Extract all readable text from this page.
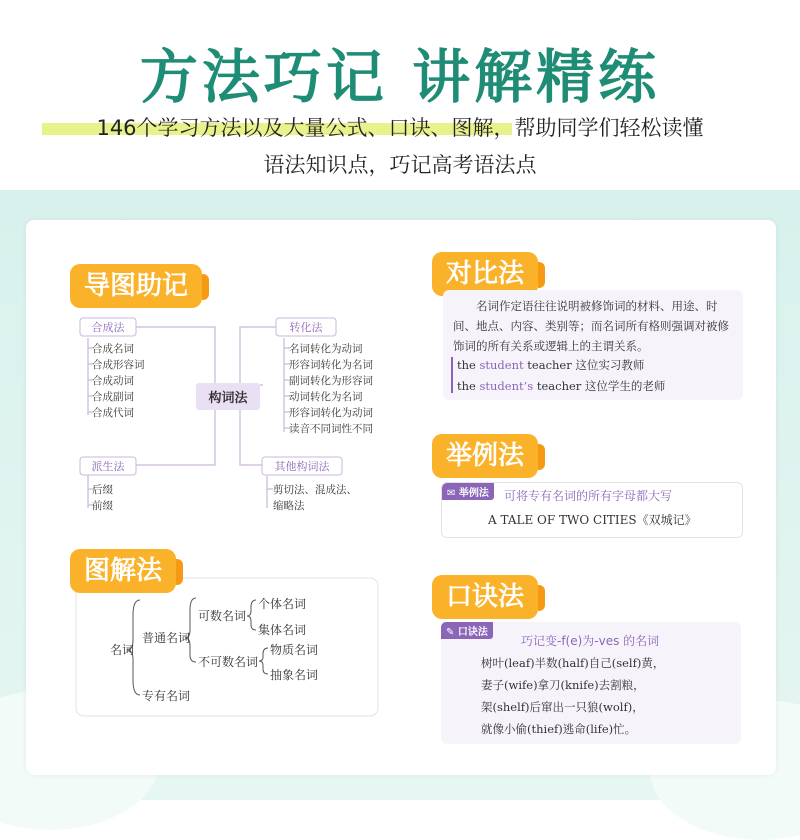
方法巧记 讲解精练
146个学习方法以及大量公式、口诀、图解，帮助同学们轻松读懂
语法知识点，巧记高考语法点
导图助记
构词法
合成法
合成名词
合成形容词
合成动词
合成副词
合成代词
派生法
后缀
前缀
转化法
名词转化为动词
形容词转化为名词
副词转化为形容词
动词转化为名词
形容词转化为动词
读音不同词性不同
其他构词法
剪切法、混成法、
缩略法
名词
普通名词
专有名词
可数名词
不可数名词
个体名词
集体名词
物质名词
抽象名词
图解法
对比法
名词作定语往往说明被修饰词的材料、用途、时
间、地点、内容、类别等；而名词所有格则强调对被修
饰词的所有关系或逻辑上的主谓关系。
the student teacher 这位实习教师
the student’s teacher 这位学生的老师
举例法
✉ 举例法	可将专有名词的所有字母都大写
A TALE OF TWO CITIES《双城记》
口诀法
✎ 口诀法
巧记变-f(e)为-ves 的名词
树叶(leaf)半数(half)自己(self)黄，
妻子(wife)拿刀(knife)去割粮，
架(shelf)后窜出一只狼(wolf)，
就像小偷(thief)逃命(life)忙。
